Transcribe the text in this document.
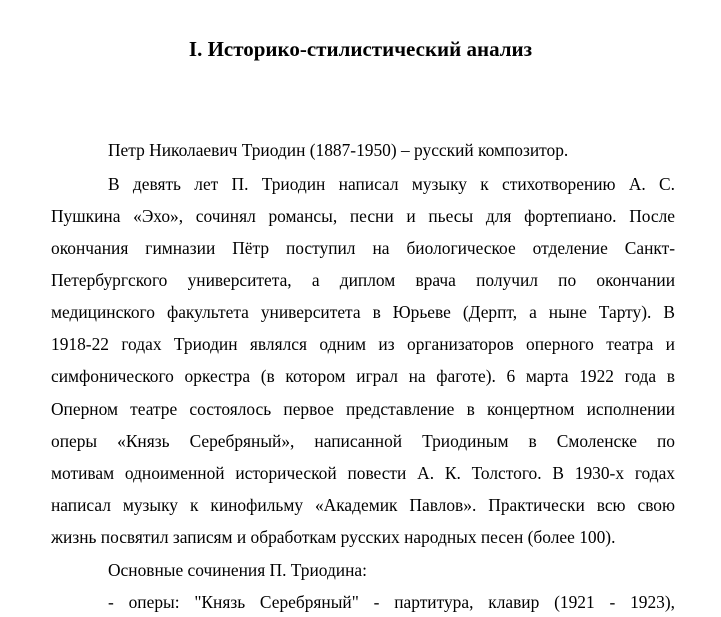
I. Историко-стилистический анализ
Петр Николаевич Триодин (1887-1950) – русский композитор.
В девять лет П. Триодин написал музыку к стихотворению А. С.
Пушкина «Эхо», сочинял романсы, песни и пьесы для фортепиано. После
окончания гимназии Пётр поступил на биологическое отделение Санкт-
Петербургского университета, а диплом врача получил по окончании
медицинского факультета университета в Юрьеве (Дерпт, а ныне Тарту). В
1918-22 годах Триодин являлся одним из организаторов оперного театра и
симфонического оркестра (в котором играл на фаготе). 6 марта 1922 года в
Оперном театре состоялось первое представление в концертном исполнении
оперы «Князь Серебряный», написанной Триодиным в Смоленске по
мотивам одноименной исторической повести А. К. Толстого. В 1930-х годах
написал музыку к кинофильму «Академик Павлов». Практически всю свою
жизнь посвятил записям и обработкам русских народных песен (более 100).
Основные сочинения П. Триодина:
- оперы: "Князь Серебряный" - партитура, клавир (1921 - 1923),
